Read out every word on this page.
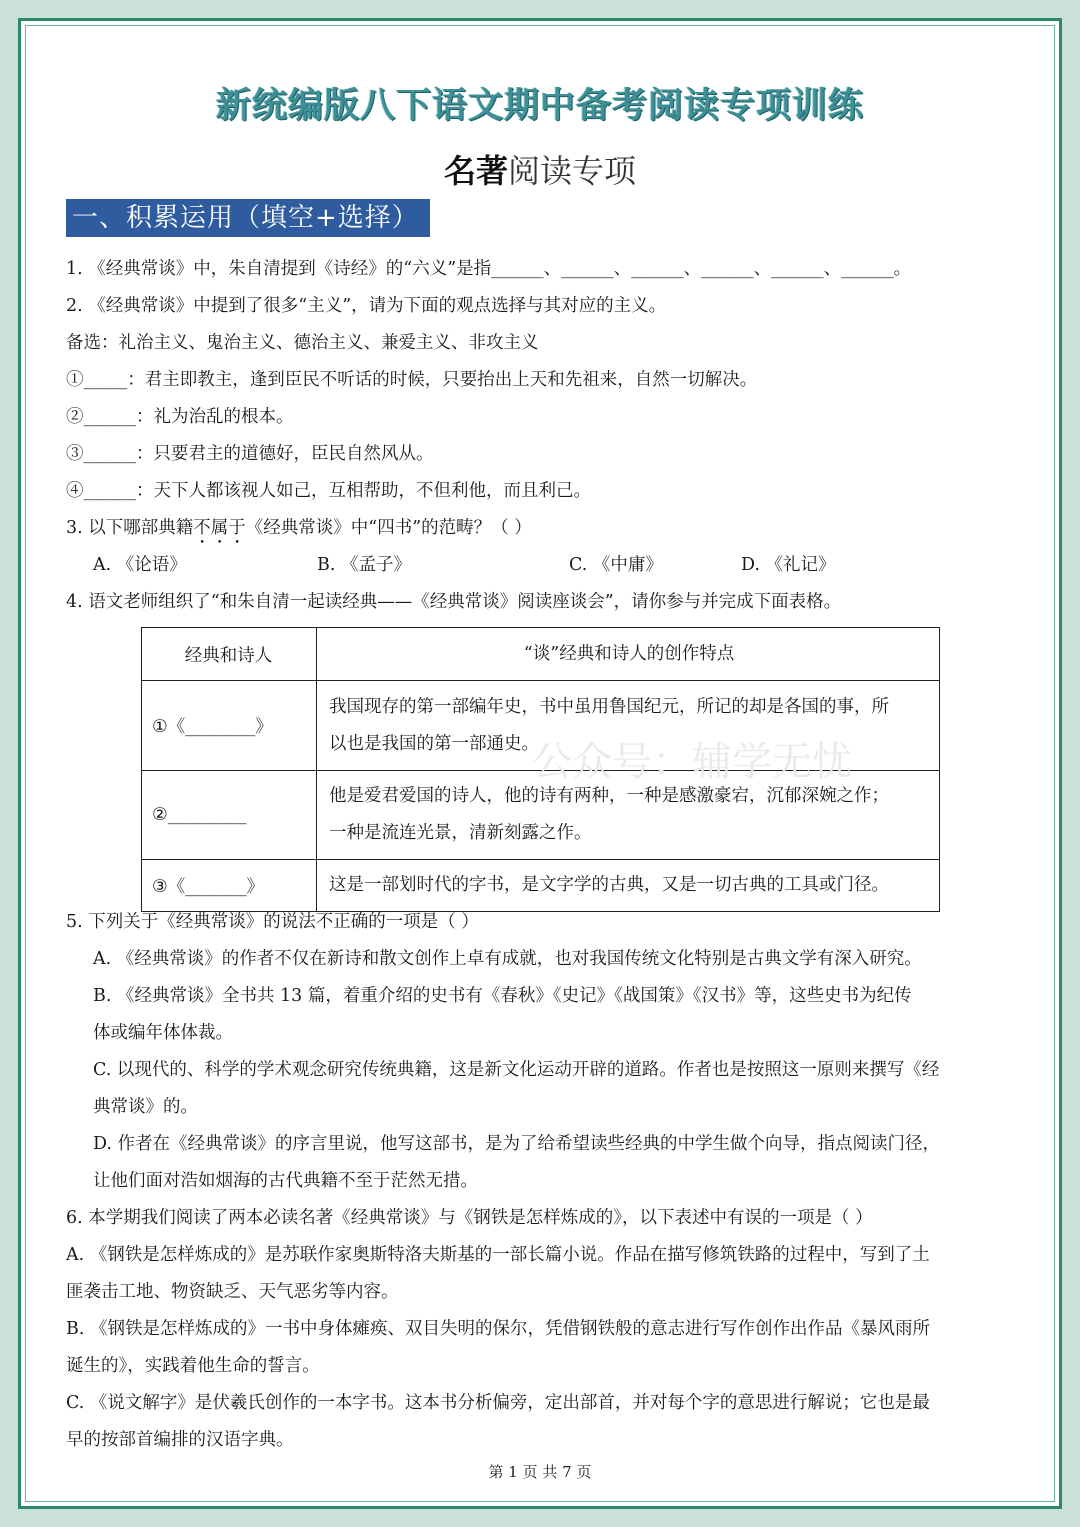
新统编版八下语文期中备考阅读专项训练
名著阅读专项
一、积累运用（填空+选择）
1. 《经典常谈》中，朱自清提到《诗经》的“六义”是指______、______、______、______、______、______。
2. 《经典常谈》中提到了很多“主义”，请为下面的观点选择与其对应的主义。
备选：礼治主义、鬼治主义、德治主义、兼爱主义、非攻主义
①_____：君主即教主，逢到臣民不听话的时候，只要抬出上天和先祖来，自然一切解决。
②______：礼为治乱的根本。
③______：只要君主的道德好，臣民自然风从。
④______：天下人都该视人如己，互相帮助，不但利他，而且利己。
3. 以下哪部典籍不属于《经典常谈》中“四书”的范畴？（ ）
A. 《论语》	B. 《孟子》	C. 《中庸》	D. 《礼记》
4. 语文老师组织了“和朱自清一起读经典——《经典常谈》阅读座谈会”，请你参与并完成下面表格。
经典和诗人	“谈”经典和诗人的创作特点
①《________》	我国现存的第一部编年史，书中虽用鲁国纪元，所记的却是各国的事，所
以也是我国的第一部通史。

②_________	他是爱君爱国的诗人，他的诗有两种，一种是感激豪宕，沉郁深婉之作；
一种是流连光景，清新刻露之作。

③《_______》	这是一部划时代的字书，是文字学的古典，又是一切古典的工具或门径。
公众号：辅学无忧
5. 下列关于《经典常谈》的说法不正确的一项是（ ）
A. 《经典常谈》的作者不仅在新诗和散文创作上卓有成就，也对我国传统文化特别是古典文学有深入研究。
B. 《经典常谈》全书共 13 篇，着重介绍的史书有《春秋》《史记》《战国策》《汉书》等，这些史书为纪传
体或编年体体裁。
C. 以现代的、科学的学术观念研究传统典籍，这是新文化运动开辟的道路。作者也是按照这一原则来撰写《经
典常谈》的。
D. 作者在《经典常谈》的序言里说，他写这部书，是为了给希望读些经典的中学生做个向导，指点阅读门径，
让他们面对浩如烟海的古代典籍不至于茫然无措。
6. 本学期我们阅读了两本必读名著《经典常谈》与《钢铁是怎样炼成的》，以下表述中有误的一项是（ ）
A. 《钢铁是怎样炼成的》是苏联作家奥斯特洛夫斯基的一部长篇小说。作品在描写修筑铁路的过程中，写到了土
匪袭击工地、物资缺乏、天气恶劣等内容。
B. 《钢铁是怎样炼成的》一书中身体瘫痪、双目失明的保尔，凭借钢铁般的意志进行写作创作出作品《暴风雨所
诞生的》，实践着他生命的誓言。
C. 《说文解字》是伏羲氏创作的一本字书。这本书分析偏旁，定出部首，并对每个字的意思进行解说；它也是最
早的按部首编排的汉语字典。
第 1 页 共 7 页
